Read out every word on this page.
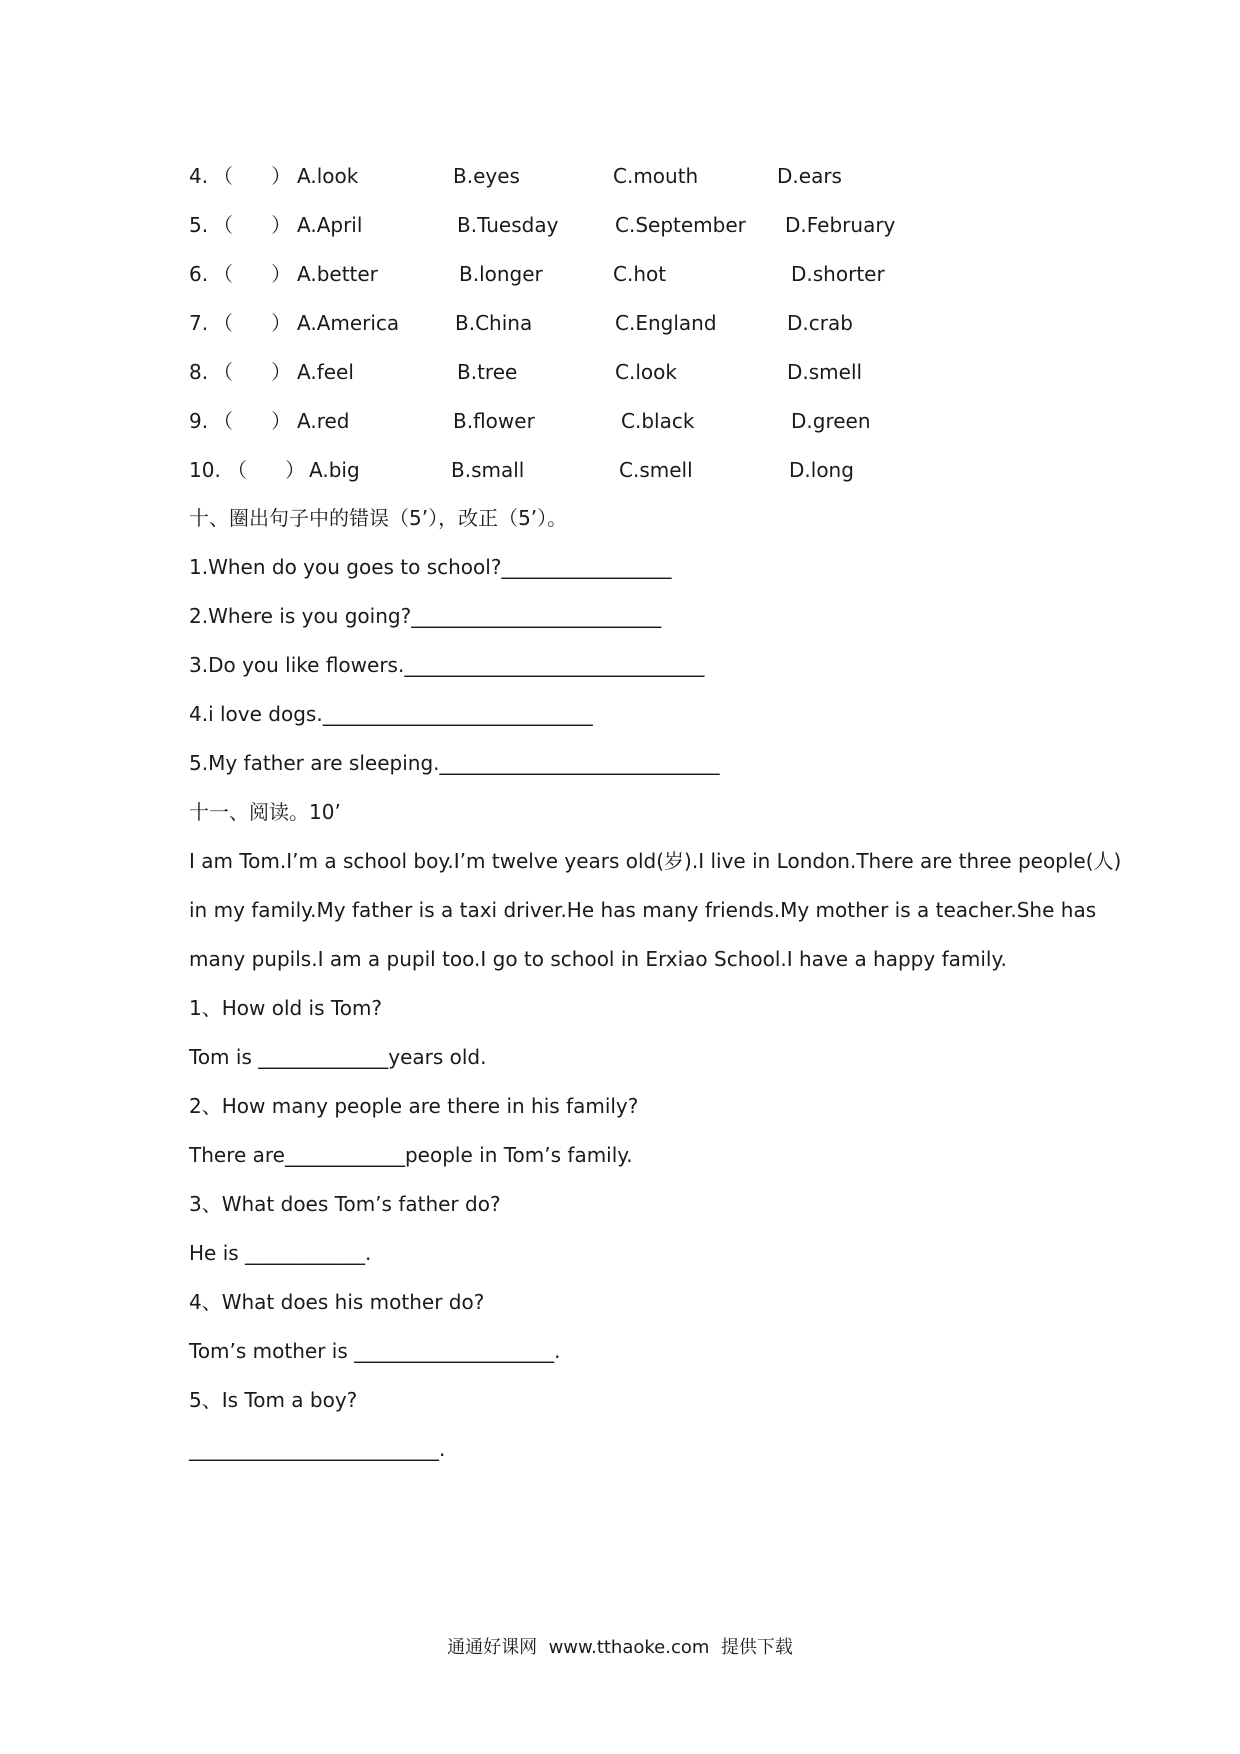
4. （      ） A.look	B.eyes	C.mouth	D.ears
5. （      ） A.April	B.Tuesday	C.September D.February
6. （      ） A.better	B.longer	C.hot	D.shorter
7. （      ） A.America	B.China	C.England	D.crab
8. （      ） A.feel	B.tree	C.look	D.smell
9. （      ） A.red	B.flower	C.black	D.green
10. （      ） A.big	B.small	C.smell	D.long
十、圈出句子中的错误（5’），改正（5’）。
1.When do you goes to school?_________________
2.Where is you going?_________________________
3.Do you like flowers.______________________________
4.i love dogs.___________________________
5.My father are sleeping.____________________________
十一、阅读。10’
I am Tom.I’m a school boy.I’m twelve years old(岁).I live in London.There are three people(人)
in my family.My father is a taxi driver.He has many friends.My mother is a teacher.She has
many pupils.I am a pupil too.I go to school in Erxiao School.I have a happy family.
1、How old is Tom?
Tom is _____________years old.
2、How many people are there in his family?
There are____________people in Tom’s family.
3、What does Tom’s father do?
He is ____________.
4、What does his mother do?
Tom’s mother is ____________________.
5、Is Tom a boy?
_________________________.
通通好课网  www.tthaoke.com  提供下载
